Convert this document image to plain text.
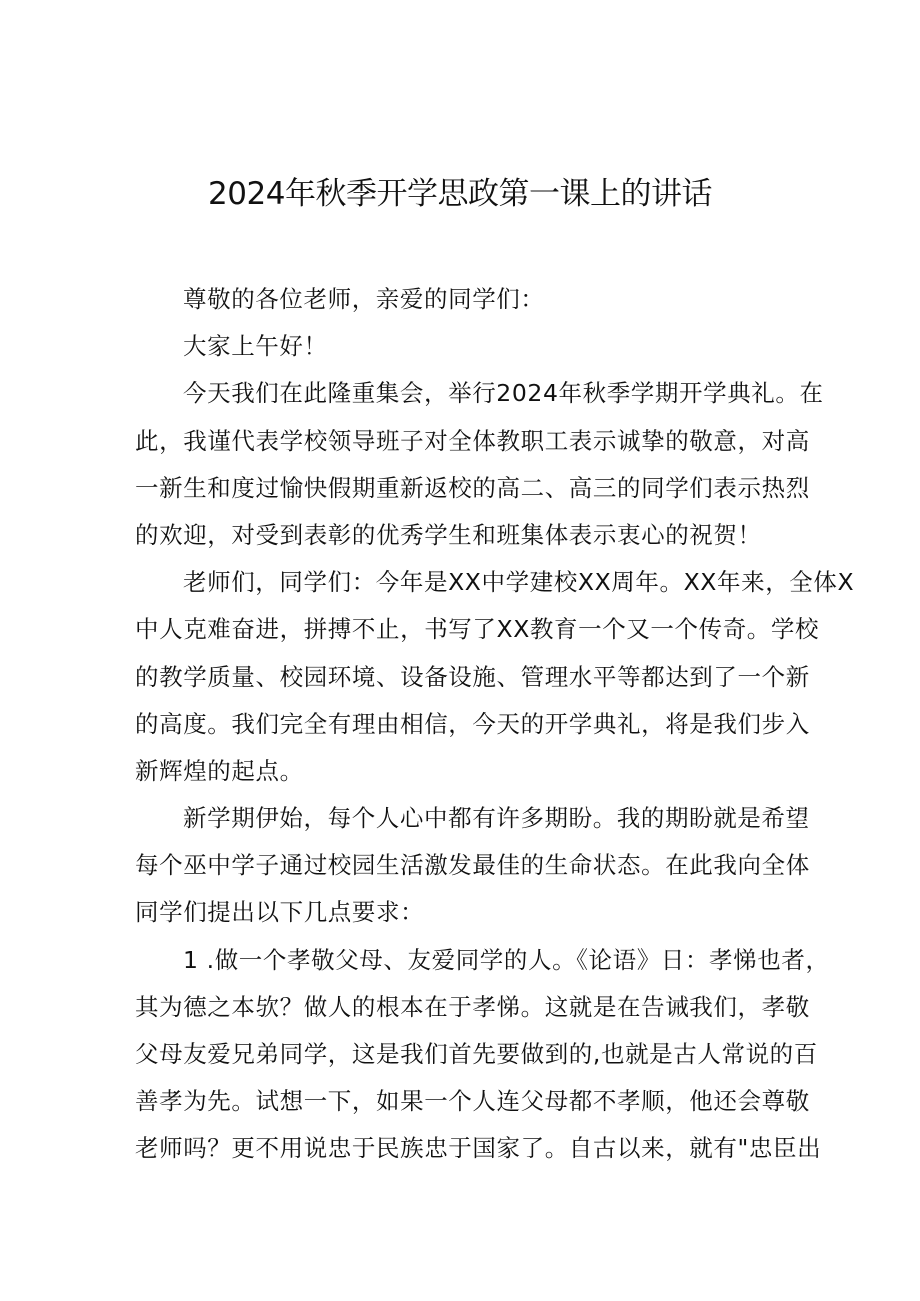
2024年秋季开学思政第一课上的讲话
尊敬的各位老师，亲爱的同学们：
大家上午好！
今天我们在此隆重集会，举行2024年秋季学期开学典礼。在
此，我谨代表学校领导班子对全体教职工表示诚挚的敬意，对高
一新生和度过愉快假期重新返校的高二、高三的同学们表示热烈
的欢迎，对受到表彰的优秀学生和班集体表示衷心的祝贺！
老师们，同学们：今年是XX中学建校XX周年。XX年来，全体X
中人克难奋进，拼搏不止，书写了XX教育一个又一个传奇。学校
的教学质量、校园环境、设备设施、管理水平等都达到了一个新
的高度。我们完全有理由相信，今天的开学典礼，将是我们步入
新辉煌的起点。
新学期伊始，每个人心中都有许多期盼。我的期盼就是希望
每个巫中学子通过校园生活激发最佳的生命状态。在此我向全体
同学们提出以下几点要求：
1 .做一个孝敬父母、友爱同学的人。《论语》日：孝悌也者，
其为德之本欤？做人的根本在于孝悌。这就是在告诫我们，孝敬
父母友爱兄弟同学，这是我们首先要做到的,也就是古人常说的百
善孝为先。试想一下，如果一个人连父母都不孝顺，他还会尊敬
老师吗？更不用说忠于民族忠于国家了。自古以来，就有"忠臣出
